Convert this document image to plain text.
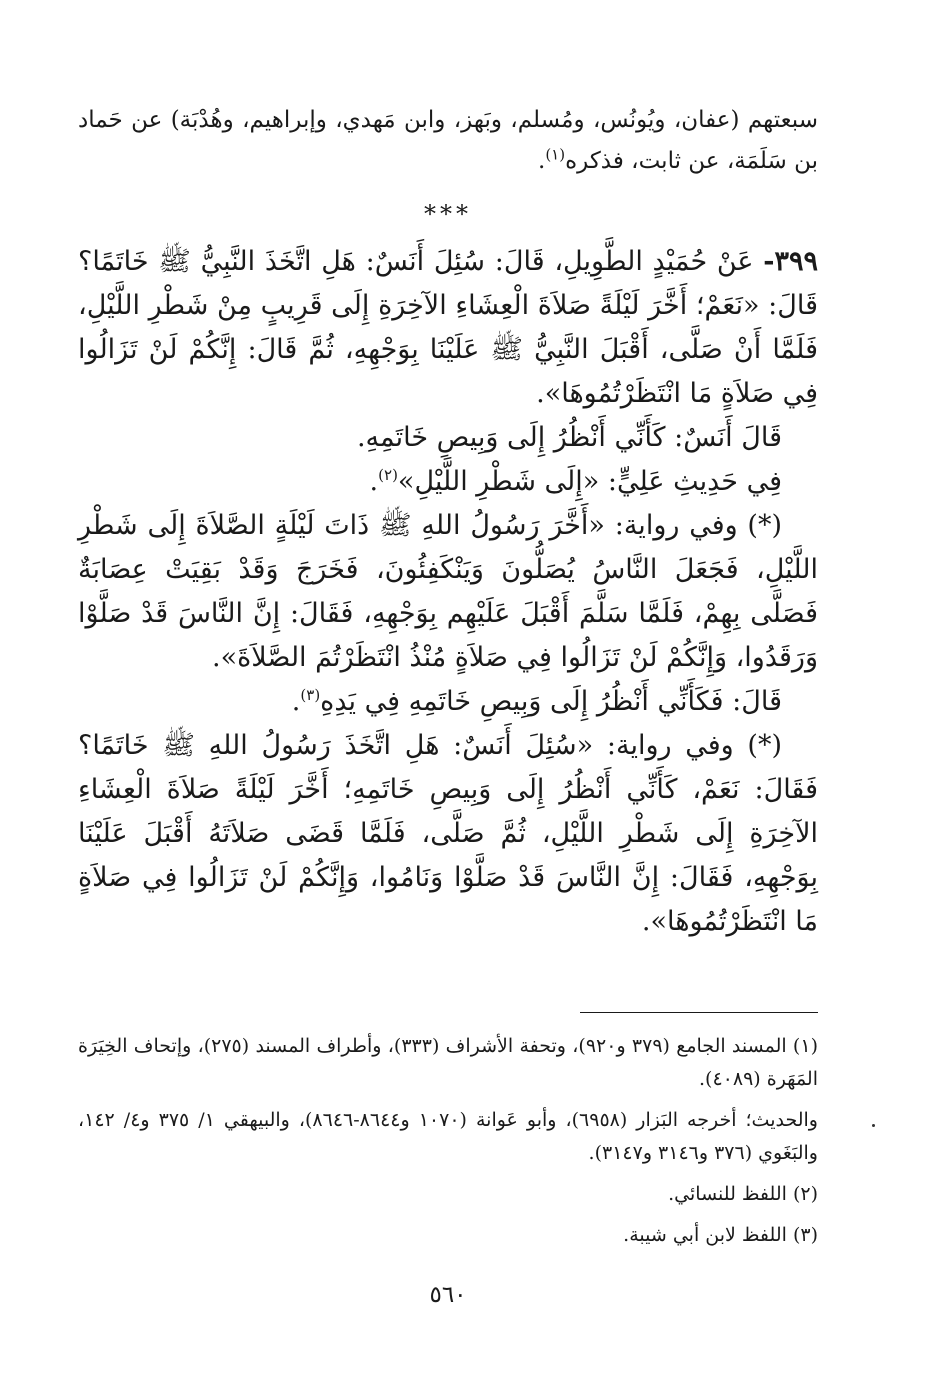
سبعتهم (عفان، ويُونُس، ومُسلم، وبَهز، وابن مَهدي، وإبراهيم، وهُدْبَة) عن حَماد بن سَلَمَة، عن ثابت، فذكره$^{(١)}$.

***

٣٩٩- عَنْ حُمَيْدٍ الطَّوِيلِ، قَالَ: سُئِلَ أَنَسٌ: هَلِ اتَّخَذَ النَّبِيُّ ﷺ خَاتَمًا؟ قَالَ: «نَعَمْ؛ أَخَّرَ لَيْلَةً صَلاَةَ الْعِشَاءِ الآخِرَةِ إِلَى قَرِيبٍ مِنْ شَطْرِ اللَّيْلِ، فَلَمَّا أَنْ صَلَّى، أَقْبَلَ النَّبِيُّ ﷺ عَلَيْنَا بِوَجْهِهِ، ثُمَّ قَالَ: إِنَّكُمْ لَنْ تَزَالُوا فِي صَلاَةٍ مَا انْتَظَرْتُمُوهَا».

قَالَ أَنَسٌ: كَأَنِّي أَنْظُرُ إِلَى وَبِيصِ خَاتَمِهِ.

فِي حَدِيثِ عَلِيٍّ: «إِلَى شَطْرِ اللَّيْلِ»$^{(٢)}$.

(*) وفي رواية: «أَخَّرَ رَسُولُ اللهِ ﷺ ذَاتَ لَيْلَةٍ الصَّلاَةَ إِلَى شَطْرِ اللَّيْلِ، فَجَعَلَ النَّاسُ يُصَلُّونَ وَيَنْكَفِئُونَ، فَخَرَجَ وَقَدْ بَقِيَتْ عِصَابَةٌ فَصَلَّى بِهِمْ، فَلَمَّا سَلَّمَ أَقْبَلَ عَلَيْهِم بِوَجْهِهِ، فَقَالَ: إِنَّ النَّاسَ قَدْ صَلَّوْا وَرَقَدُوا، وَإِنَّكُمْ لَنْ تَزَالُوا فِي صَلاَةٍ مُنْذُ انْتَظَرْتُمَ الصَّلاَةَ».

قَالَ: فَكَأَنِّي أَنْظُرُ إِلَى وَبِيصِ خَاتَمِهِ فِي يَدِهِ$^{(٣)}$.

(*) وفي رواية: «سُئِلَ أَنَسٌ: هَلِ اتَّخَذَ رَسُولُ اللهِ ﷺ خَاتَمًا؟ فَقَالَ: نَعَمْ، كَأَنِّي أَنْظُرُ إِلَى وَبِيصِ خَاتَمِهِ؛ أَخَّرَ لَيْلَةً صَلاَةَ الْعِشَاءِ الآخِرَةِ إِلَى شَطْرِ اللَّيْلِ، ثُمَّ صَلَّى، فَلَمَّا قَضَى صَلاَتَهُ أَقْبَلَ عَلَيْنَا بِوَجْهِهِ، فَقَالَ: إِنَّ النَّاسَ قَدْ صَلَّوْا وَنَامُوا، وَإِنَّكُمْ لَنْ تَزَالُوا فِي صَلاَةٍ مَا انْتَظَرْتُمُوهَا».

(١) المسند الجامع (٣٧٩ و٩٢٠)، وتحفة الأشراف (٣٣٣)، وأطراف المسند (٢٧٥)، وإتحاف الخِيَرَة المَهَرة (٤٠٨٩).

والحديث؛ أخرجه البَزار (٦٩٥٨)، وأبو عَوانة (١٠٧٠ و٨٦٤٤-٨٦٤٦)، والبيهقي ١/ ٣٧٥ و٤/ ١٤٢، والبَغَوي (٣٧٦ و٣١٤٦ و٣١٤٧).

(٢) اللفظ للنسائي.

(٣) اللفظ لابن أبي شيبة.

٥٦٠
